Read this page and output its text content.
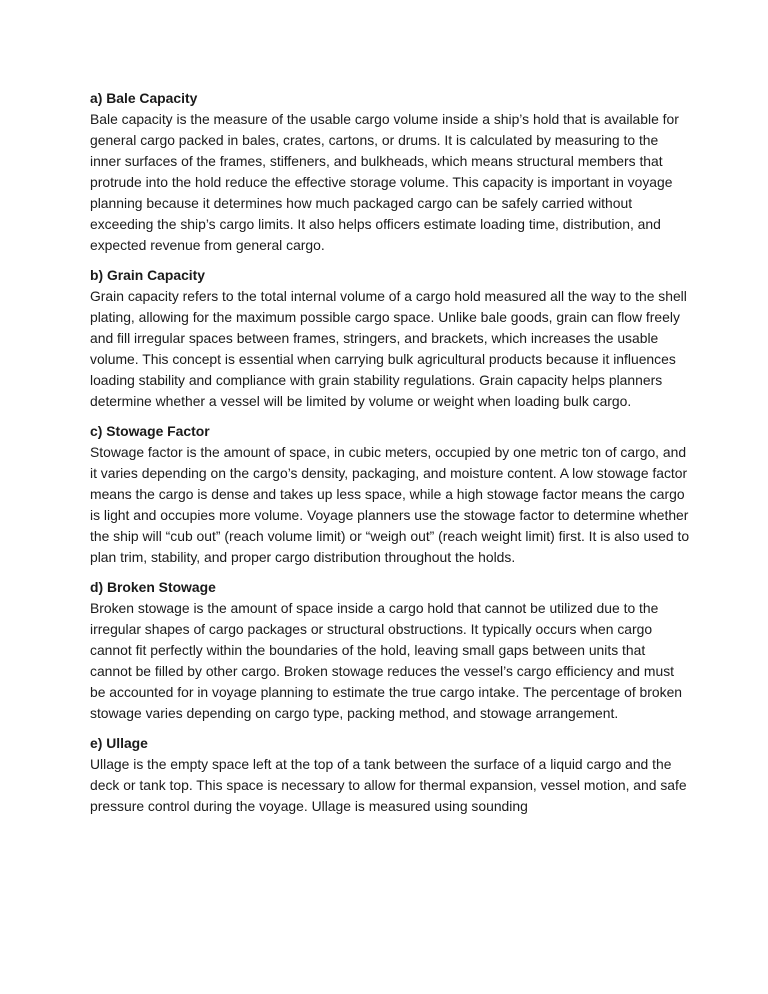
a) Bale Capacity
Bale capacity is the measure of the usable cargo volume inside a ship’s hold that is available for general cargo packed in bales, crates, cartons, or drums. It is calculated by measuring to the inner surfaces of the frames, stiffeners, and bulkheads, which means structural members that protrude into the hold reduce the effective storage volume. This capacity is important in voyage planning because it determines how much packaged cargo can be safely carried without exceeding the ship’s cargo limits. It also helps officers estimate loading time, distribution, and expected revenue from general cargo.
b) Grain Capacity
Grain capacity refers to the total internal volume of a cargo hold measured all the way to the shell plating, allowing for the maximum possible cargo space. Unlike bale goods, grain can flow freely and fill irregular spaces between frames, stringers, and brackets, which increases the usable volume. This concept is essential when carrying bulk agricultural products because it influences loading stability and compliance with grain stability regulations. Grain capacity helps planners determine whether a vessel will be limited by volume or weight when loading bulk cargo.
c) Stowage Factor
Stowage factor is the amount of space, in cubic meters, occupied by one metric ton of cargo, and it varies depending on the cargo’s density, packaging, and moisture content. A low stowage factor means the cargo is dense and takes up less space, while a high stowage factor means the cargo is light and occupies more volume. Voyage planners use the stowage factor to determine whether the ship will “cub out” (reach volume limit) or “weigh out” (reach weight limit) first. It is also used to plan trim, stability, and proper cargo distribution throughout the holds.
d) Broken Stowage
Broken stowage is the amount of space inside a cargo hold that cannot be utilized due to the irregular shapes of cargo packages or structural obstructions. It typically occurs when cargo cannot fit perfectly within the boundaries of the hold, leaving small gaps between units that cannot be filled by other cargo. Broken stowage reduces the vessel’s cargo efficiency and must be accounted for in voyage planning to estimate the true cargo intake. The percentage of broken stowage varies depending on cargo type, packing method, and stowage arrangement.
e) Ullage
Ullage is the empty space left at the top of a tank between the surface of a liquid cargo and the deck or tank top. This space is necessary to allow for thermal expansion, vessel motion, and safe pressure control during the voyage. Ullage is measured using sounding
